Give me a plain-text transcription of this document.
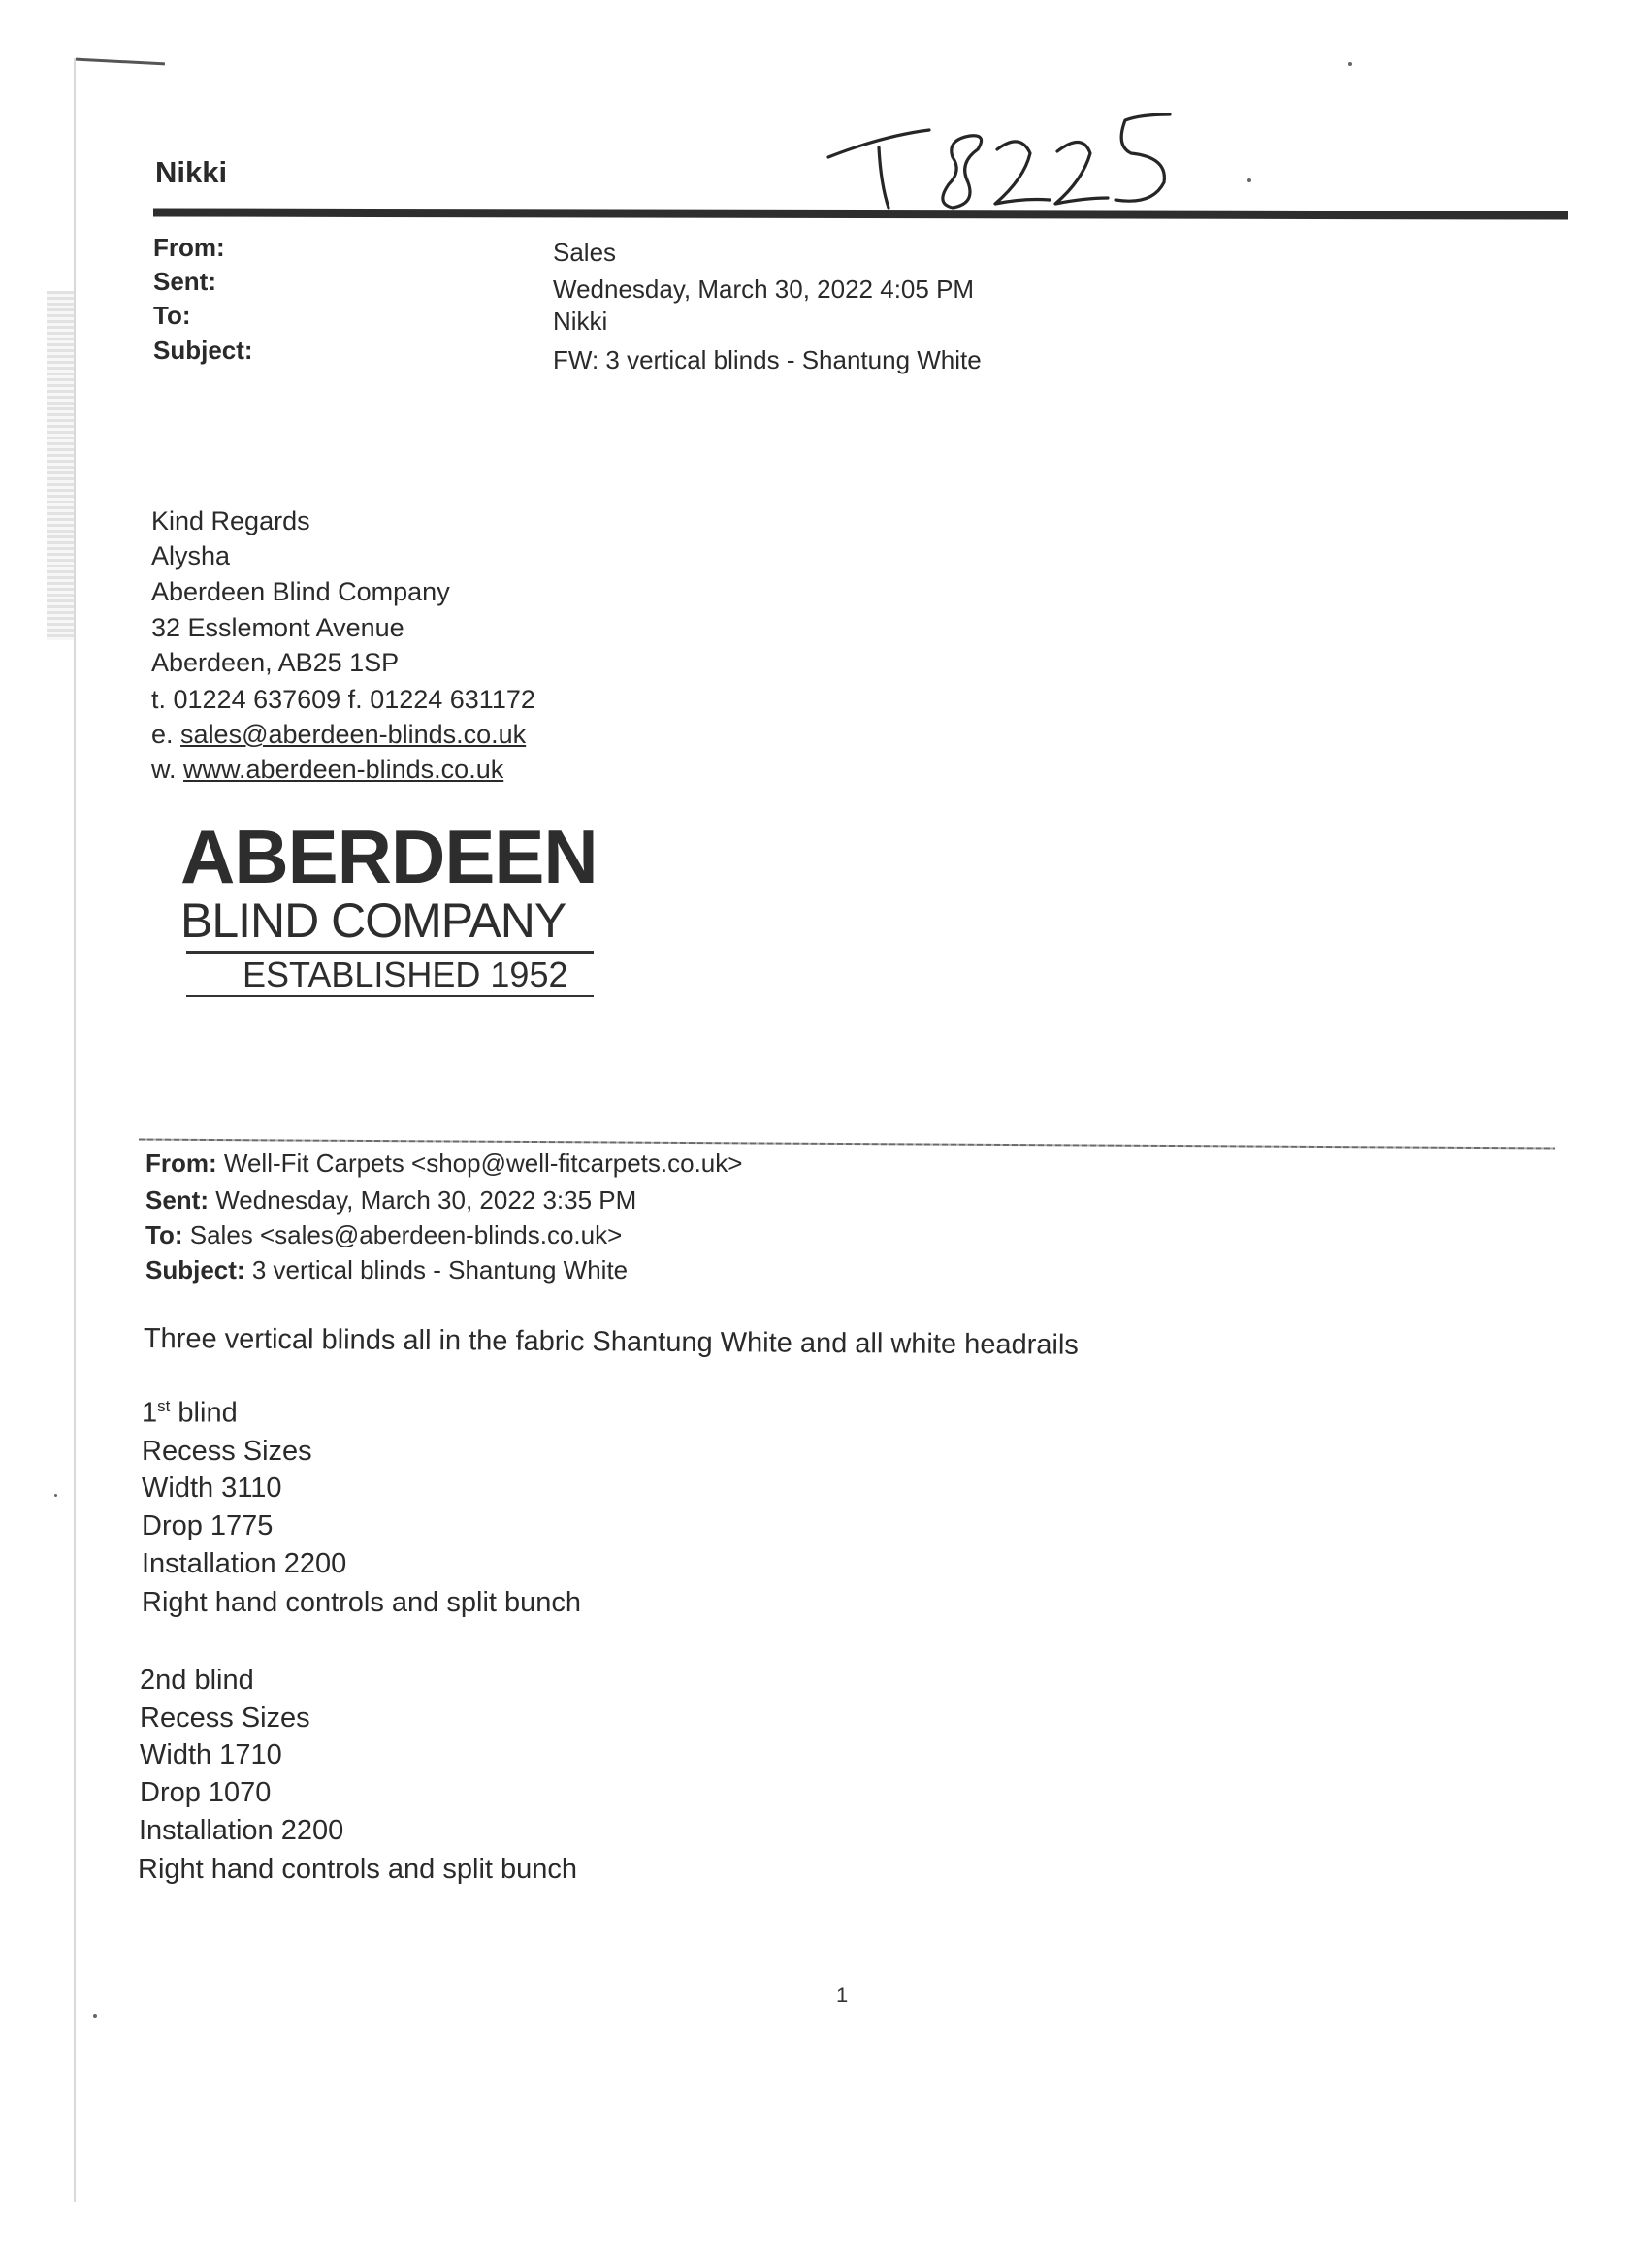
Nikki
From:
Sent:
To:
Subject:
Sales
Wednesday, March 30, 2022 4:05 PM
Nikki
FW: 3 vertical blinds - Shantung White
Kind Regards
Alysha
Aberdeen Blind Company
32 Esslemont Avenue
Aberdeen, AB25 1SP
t. 01224 637609 f. 01224 631172
e. sales@aberdeen-blinds.co.uk
w. www.aberdeen-blinds.co.uk
ABERDEEN
BLIND COMPANY
ESTABLISHED 1952
From: Well-Fit Carpets <shop@well-fitcarpets.co.uk>
Sent: Wednesday, March 30, 2022 3:35 PM
To: Sales <sales@aberdeen-blinds.co.uk>
Subject: 3 vertical blinds - Shantung White
Three vertical blinds all in the fabric Shantung White and all white headrails
1st blind
Recess Sizes
Width 3110
Drop 1775
Installation 2200
Right hand controls and split bunch
2nd blind
Recess Sizes
Width 1710
Drop 1070
Installation 2200
Right hand controls and split bunch
1
